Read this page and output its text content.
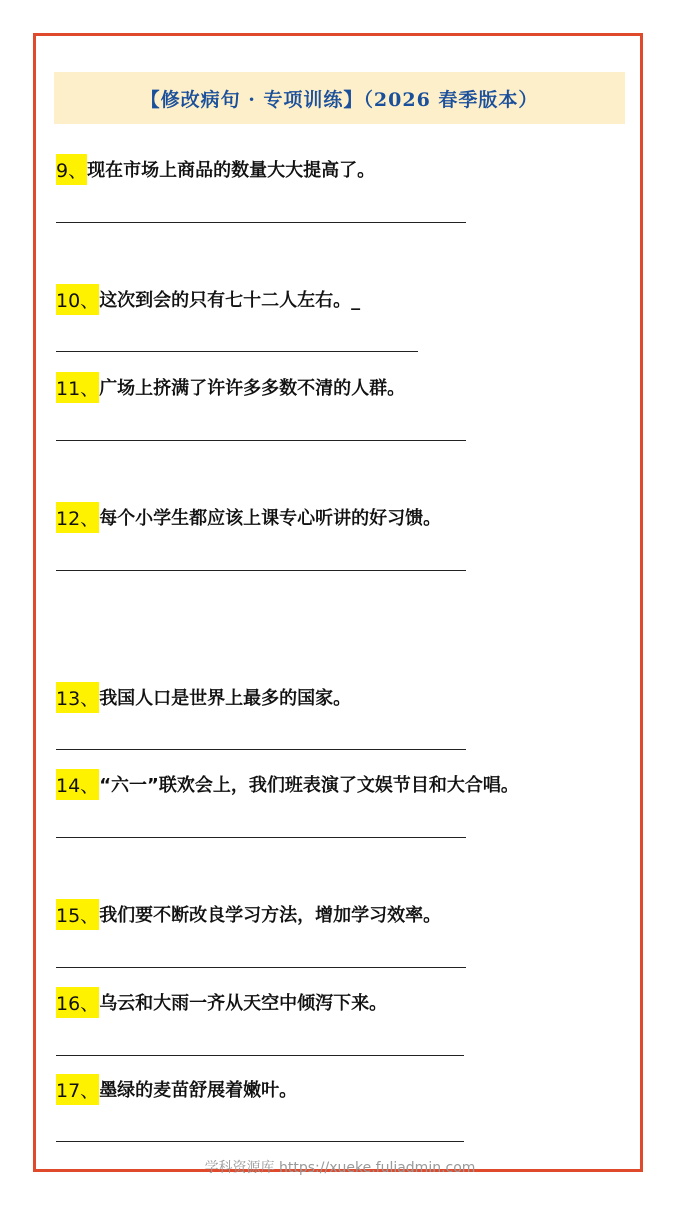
【修改病句 · 专项训练】（2026 春季版本）
9、 现在市场上商品的数量大大提高了。
10、 这次到会的只有七十二人左右。_
11、 广场上挤满了许许多多数不清的人群。
12、 每个小学生都应该上课专心听讲的好习馈。
13、 我国人口是世界上最多的国家。
14、 “六一”联欢会上，我们班表演了文娱节目和大合唱。
15、 我们要不断改良学习方法，增加学习效率。
16、 乌云和大雨一齐从天空中倾泻下来。
17、 墨绿的麦苗舒展着嫩叶。
学科资源库 https://xueke.fuliadmin.com
